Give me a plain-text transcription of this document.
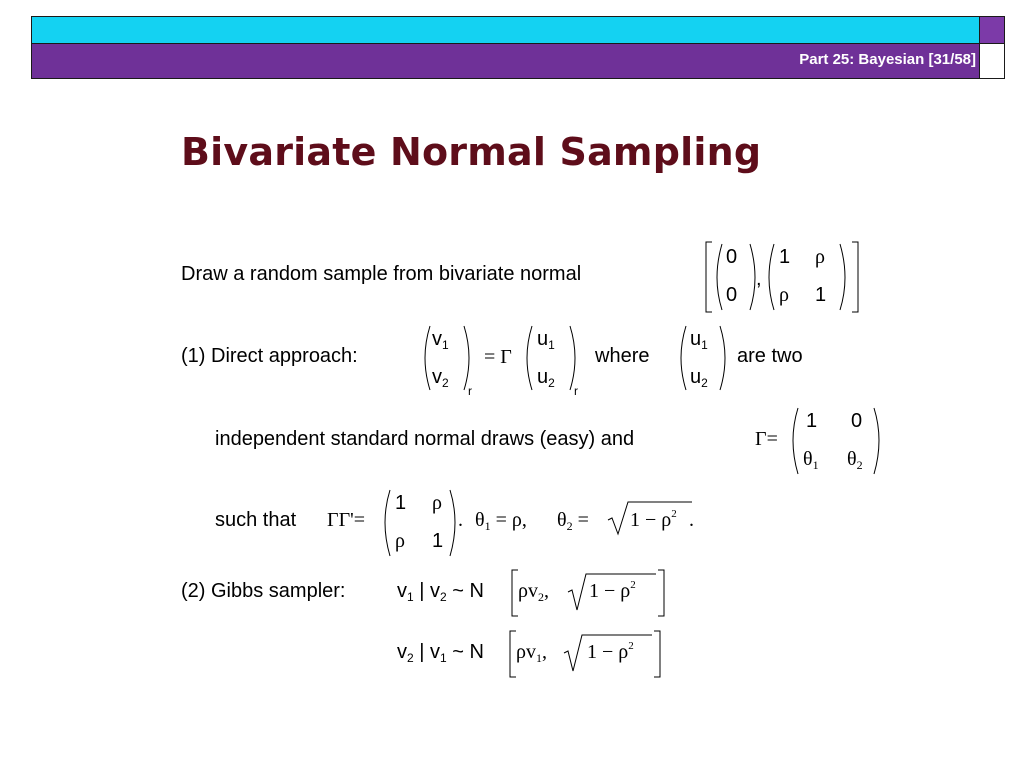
Part 25: Bayesian [31/58]
Bivariate Normal Sampling
Draw a random sample from bivariate normal
0
0
,
1 ρ
ρ 1
(1) Direct approach:
$v_1$
$v_2$
r
= Γ
$u_1$
$u_2$
r
where
$u_1$
$u_2$
are two
independent standard normal draws (easy) and	Γ=
1 0
$\theta_1$ $\theta_2$
such that ΓΓ'=
1 ρ
ρ 1
. $\theta_1 = \rho$, $\theta_2 = 1 - \rho^2$ .
(2) Gibbs sampler:	$v_1$ | $v_2$ ~ N $\rho v_2$, $1 - \rho^2$
$v_2$ | $v_1$ ~ N $\rho v_1$, $1 - \rho^2$
